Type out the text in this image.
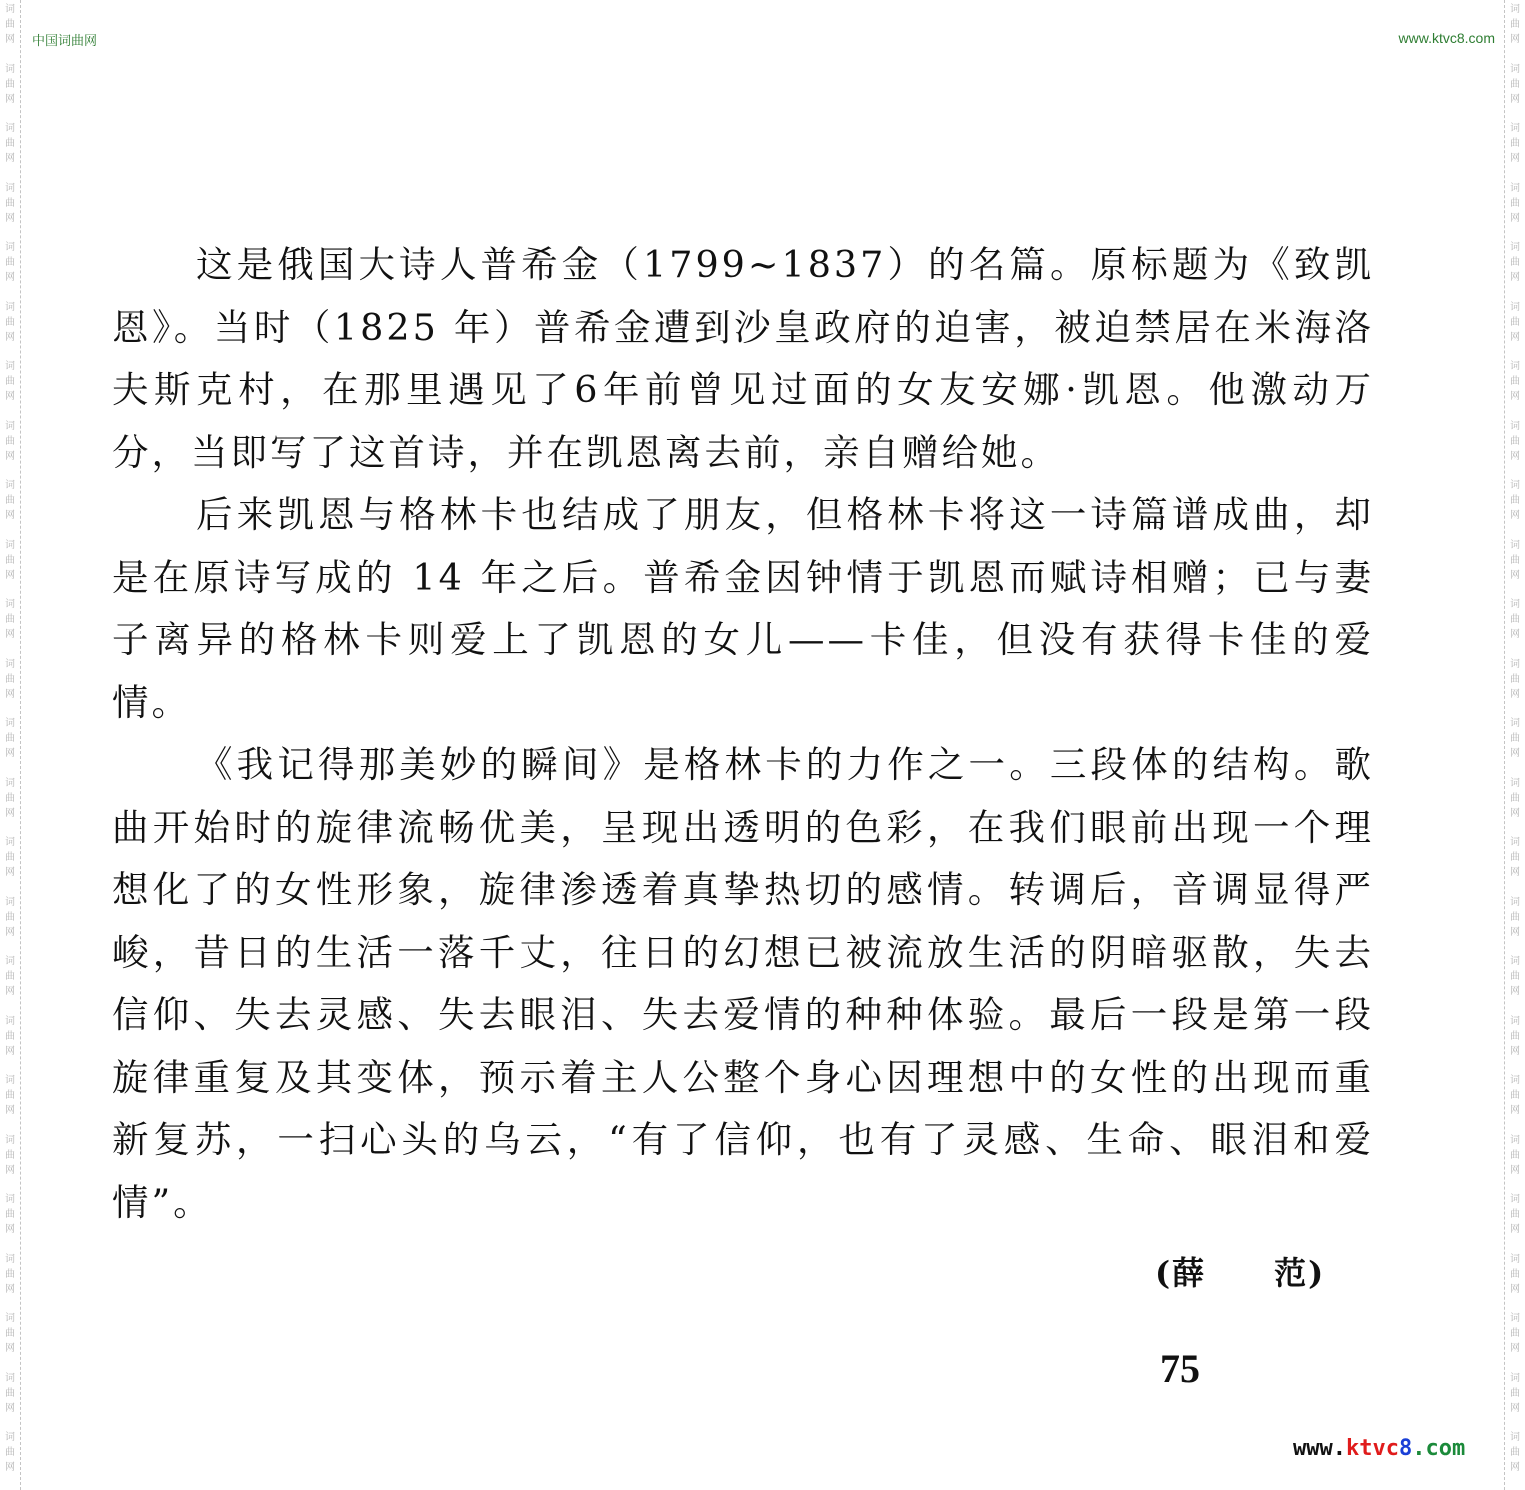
词
曲
网
词
曲
网
词
曲
网
词
曲
网
词
曲
网
词
曲
网
词
曲
网
词
曲
网
词
曲
网
词
曲
网
词
曲
网
词
曲
网
词
曲
网
词
曲
网
词
曲
网
词
曲
网
词
曲
网
词
曲
网
词
曲
网
词
曲
网
词
曲
网
词
曲
网
词
曲
网
词
曲
网
词
曲
网
词
曲
网
词
曲
网
词
曲
网
词
曲
网
词
曲
网
词
曲
网
词
曲
网
词
曲
网
词
曲
网
词
曲
网
词
曲
网
词
曲
网
词
曲
网
词
曲
网
词
曲
网
词
曲
网
词
曲
网
词
曲
网
词
曲
网
词
曲
网
词
曲
网
词
曲
网
词
曲
网
词
曲
网
词
曲
网
中国词曲网	www.ktvc8.com

这是俄国大诗人普希金（1799~1837）的名篇。原标题为《致凯恩》。当时（1825 年）普希金遭到沙皇政府的迫害，被迫禁居在米海洛夫斯克村，在那里遇见了6年前曾见过面的女友安娜·凯恩。他激动万分，当即写了这首诗，并在凯恩离去前，亲自赠给她。

后来凯恩与格林卡也结成了朋友，但格林卡将这一诗篇谱成曲，却是在原诗写成的 14 年之后。普希金因钟情于凯恩而赋诗相赠；已与妻子离异的格林卡则爱上了凯恩的女儿——卡佳，但没有获得卡佳的爱情。

《我记得那美妙的瞬间》是格林卡的力作之一。三段体的结构。歌曲开始时的旋律流畅优美，呈现出透明的色彩，在我们眼前出现一个理想化了的女性形象，旋律渗透着真挚热切的感情。转调后，音调显得严峻，昔日的生活一落千丈，往日的幻想已被流放生活的阴暗驱散，失去信仰、失去灵感、失去眼泪、失去爱情的种种体验。最后一段是第一段旋律重复及其变体，预示着主人公整个身心因理想中的女性的出现而重新复苏，一扫心头的乌云，“有了信仰，也有了灵感、生命、眼泪和爱情”。

(薛　　范)
75
www.ktvc8.com
